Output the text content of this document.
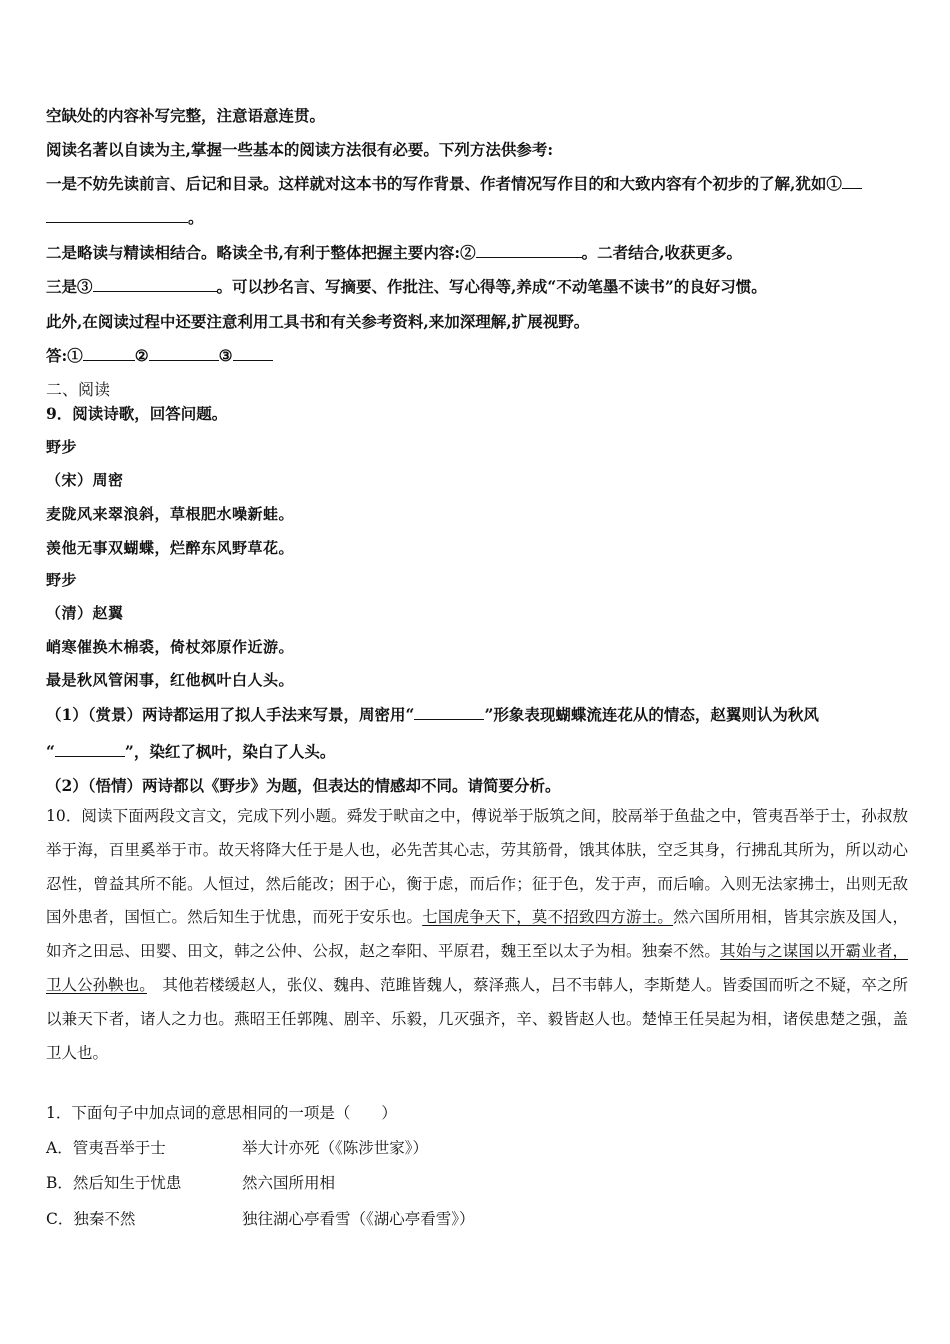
空缺处的内容补写完整，注意语意连贯。
阅读名著以自读为主,掌握一些基本的阅读方法很有必要。下列方法供参考:
一是不妨先读前言、后记和目录。这样就对这本书的写作背景、作者情况写作目的和大致内容有个初步的了解,犹如①
。
二是略读与精读相结合。略读全书,有利于整体把握主要内容:②	。二者结合,收获更多。
三是③	。可以抄名言、写摘要、作批注、写心得等,养成“不动笔墨不读书”的良好习惯。
此外,在阅读过程中还要注意利用工具书和有关参考资料,来加深理解,扩展视野。
答:①	②	③
二、阅读
9．阅读诗歌，回答问题。
野步
（宋）周密
麦陇风来翠浪斜，草根肥水噪新蛙。
羡他无事双蝴蝶，烂醉东风野草花。
野步
（清）赵翼
峭寒催换木棉裘，倚杖郊原作近游。
最是秋风管闲事，红他枫叶白人头。
（1）（赏景）两诗都运用了拟人手法来写景，周密用“	”形象表现蝴蝶流连花从的情态，赵翼则认为秋风
“	”，染红了枫叶，染白了人头。
（2）（悟情）两诗都以《野步》为题，但表达的情感却不同。请简要分析。
10．阅读下面两段文言文，完成下列小题。舜发于畎亩之中，傅说举于版筑之间，胶鬲举于鱼盐之中，管夷吾举于士，孙叔敖举于海，百里奚举于市。故天将降大任于是人也，必先苦其心志，劳其筋骨，饿其体肤，空乏其身，行拂乱其所为，所以动心忍性，曾益其所不能。人恒过，然后能改；困于心，衡于虑，而后作；征于色，发于声，而后喻。入则无法家拂士，出则无敌国外患者，国恒亡。然后知生于忧患，而死于安乐也。七国虎争天下，莫不招致四方游士。然六国所用相，皆其宗族及国人，如齐之田忌、田婴、田文，韩之公仲、公叔，赵之奉阳、平原君，魏王至以太子为相。独秦不然。其始与之谋国以开霸业者，卫人公孙鞅也。　其他若楼缓赵人，张仪、魏冉、范雎皆魏人，蔡泽燕人，吕不韦韩人，李斯楚人。皆委国而听之不疑，卒之所以兼天下者，诸人之力也。燕昭王任郭隗、剧辛、乐毅，几灭强齐，辛、毅皆赵人也。楚悼王任吴起为相，诸侯患楚之强，盖卫人也。
1．下面句子中加点词的意思相同的一项是（　　）
A．管夷吾举于士	举大计亦死（《陈涉世家》）
B．然后知生于忧患	然六国所用相
C．独秦不然	独往湖心亭看雪（《湖心亭看雪》）
